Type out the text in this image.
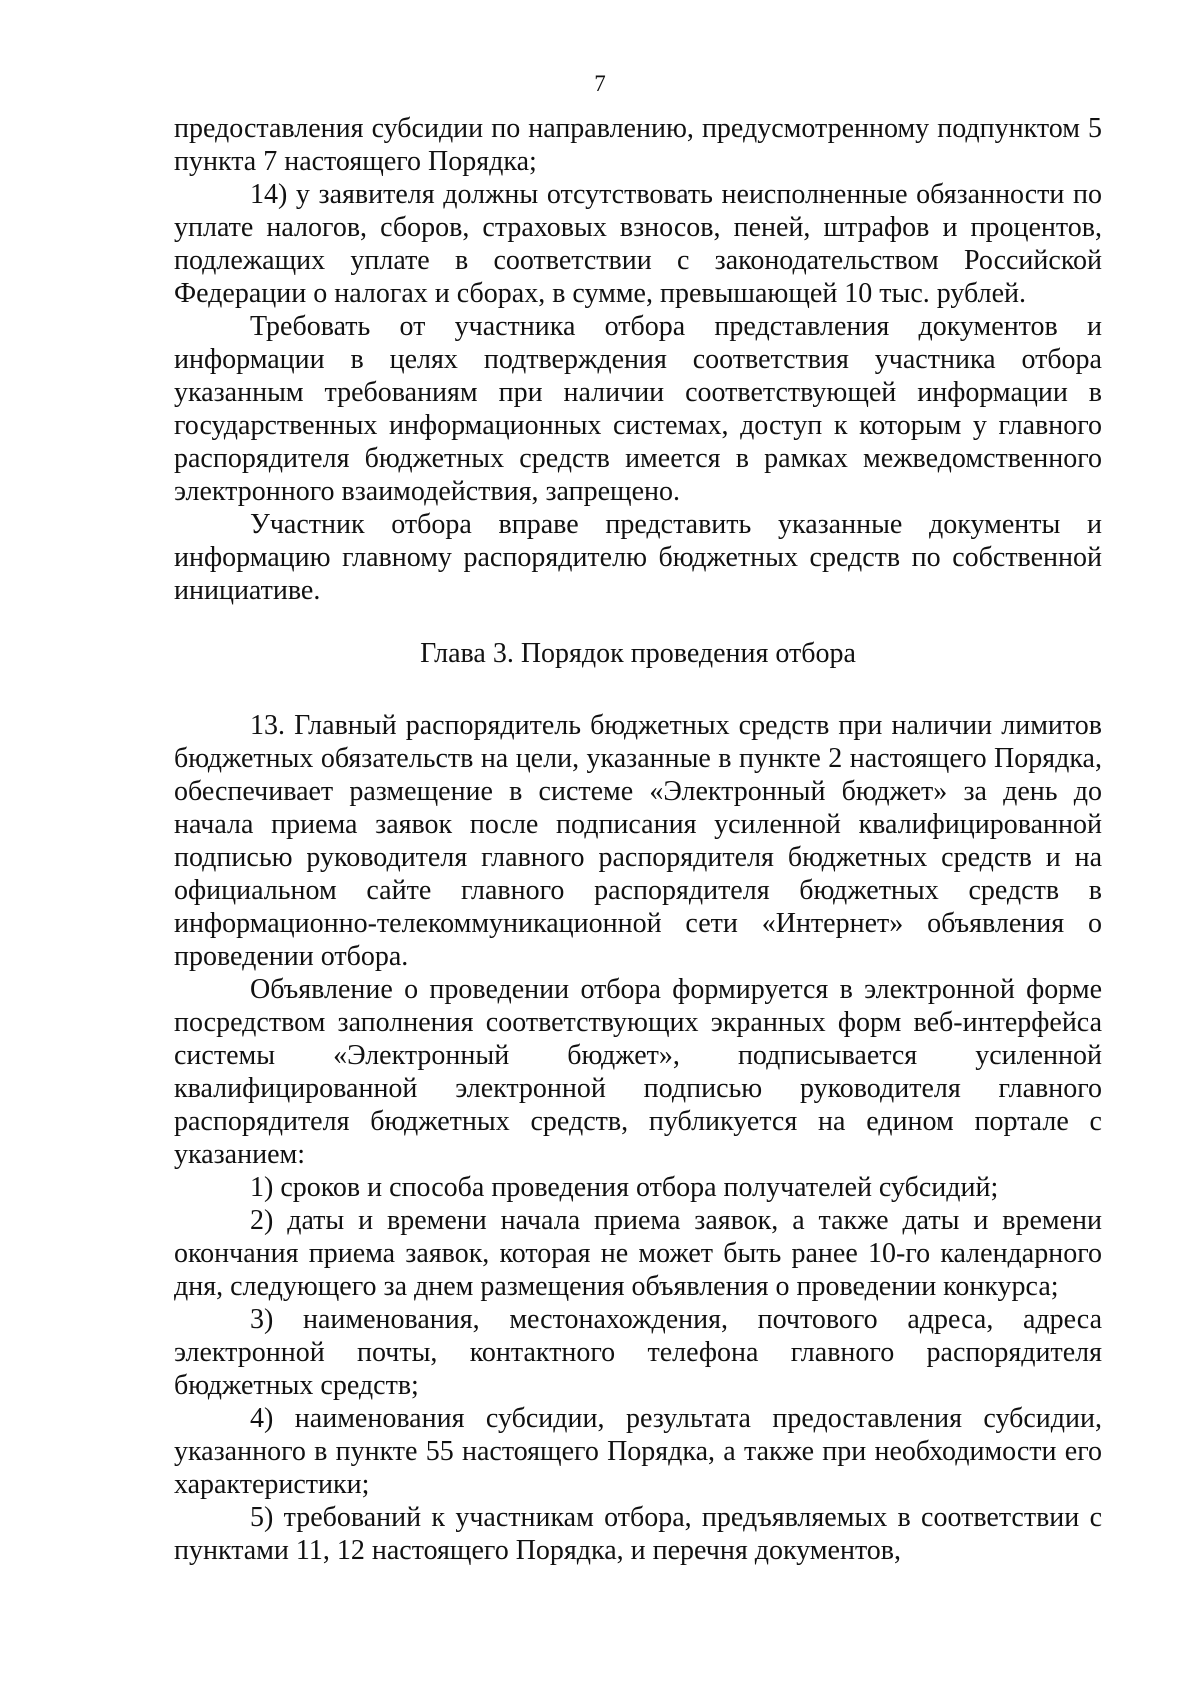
7

предоставления субсидии по направлению, предусмотренному подпунктом 5 пункта 7 настоящего Порядка;

14) у заявителя должны отсутствовать неисполненные обязанности по уплате налогов, сборов, страховых взносов, пеней, штрафов и процентов, подлежащих уплате в соответствии с законодательством Российской Федерации о налогах и сборах, в сумме, превышающей 10 тыс. рублей.

Требовать от участника отбора представления документов и информации в целях подтверждения соответствия участника отбора указанным требованиям при наличии соответствующей информации в государственных информационных системах, доступ к которым у главного распорядителя бюджетных средств имеется в рамках межведомственного электронного взаимодействия, запрещено.

Участник отбора вправе представить указанные документы и информацию главному распорядителю бюджетных средств по собственной инициативе.

Глава 3. Порядок проведения отбора

13. Главный распорядитель бюджетных средств при наличии лимитов бюджетных обязательств на цели, указанные в пункте 2 настоящего Порядка, обеспечивает размещение в системе «Электронный бюджет» за день до начала приема заявок после подписания усиленной квалифицированной подписью руководителя главного распорядителя бюджетных средств и на официальном сайте главного распорядителя бюджетных средств в информационно-телекоммуникационной сети «Интернет» объявления о проведении отбора.

Объявление о проведении отбора формируется в электронной форме посредством заполнения соответствующих экранных форм веб-интерфейса системы «Электронный бюджет», подписывается усиленной квалифицированной электронной подписью руководителя главного распорядителя бюджетных средств, публикуется на едином портале с указанием:

1) сроков и способа проведения отбора получателей субсидий;

2) даты и времени начала приема заявок, а также даты и времени окончания приема заявок, которая не может быть ранее 10-го календарного дня, следующего за днем размещения объявления о проведении конкурса;

3) наименования, местонахождения, почтового адреса, адреса электронной почты, контактного телефона главного распорядителя бюджетных средств;

4) наименования субсидии, результата предоставления субсидии, указанного в пункте 55 настоящего Порядка, а также при необходимости его характеристики;

5) требований к участникам отбора, предъявляемых в соответствии с пунктами 11, 12 настоящего Порядка, и перечня документов,
